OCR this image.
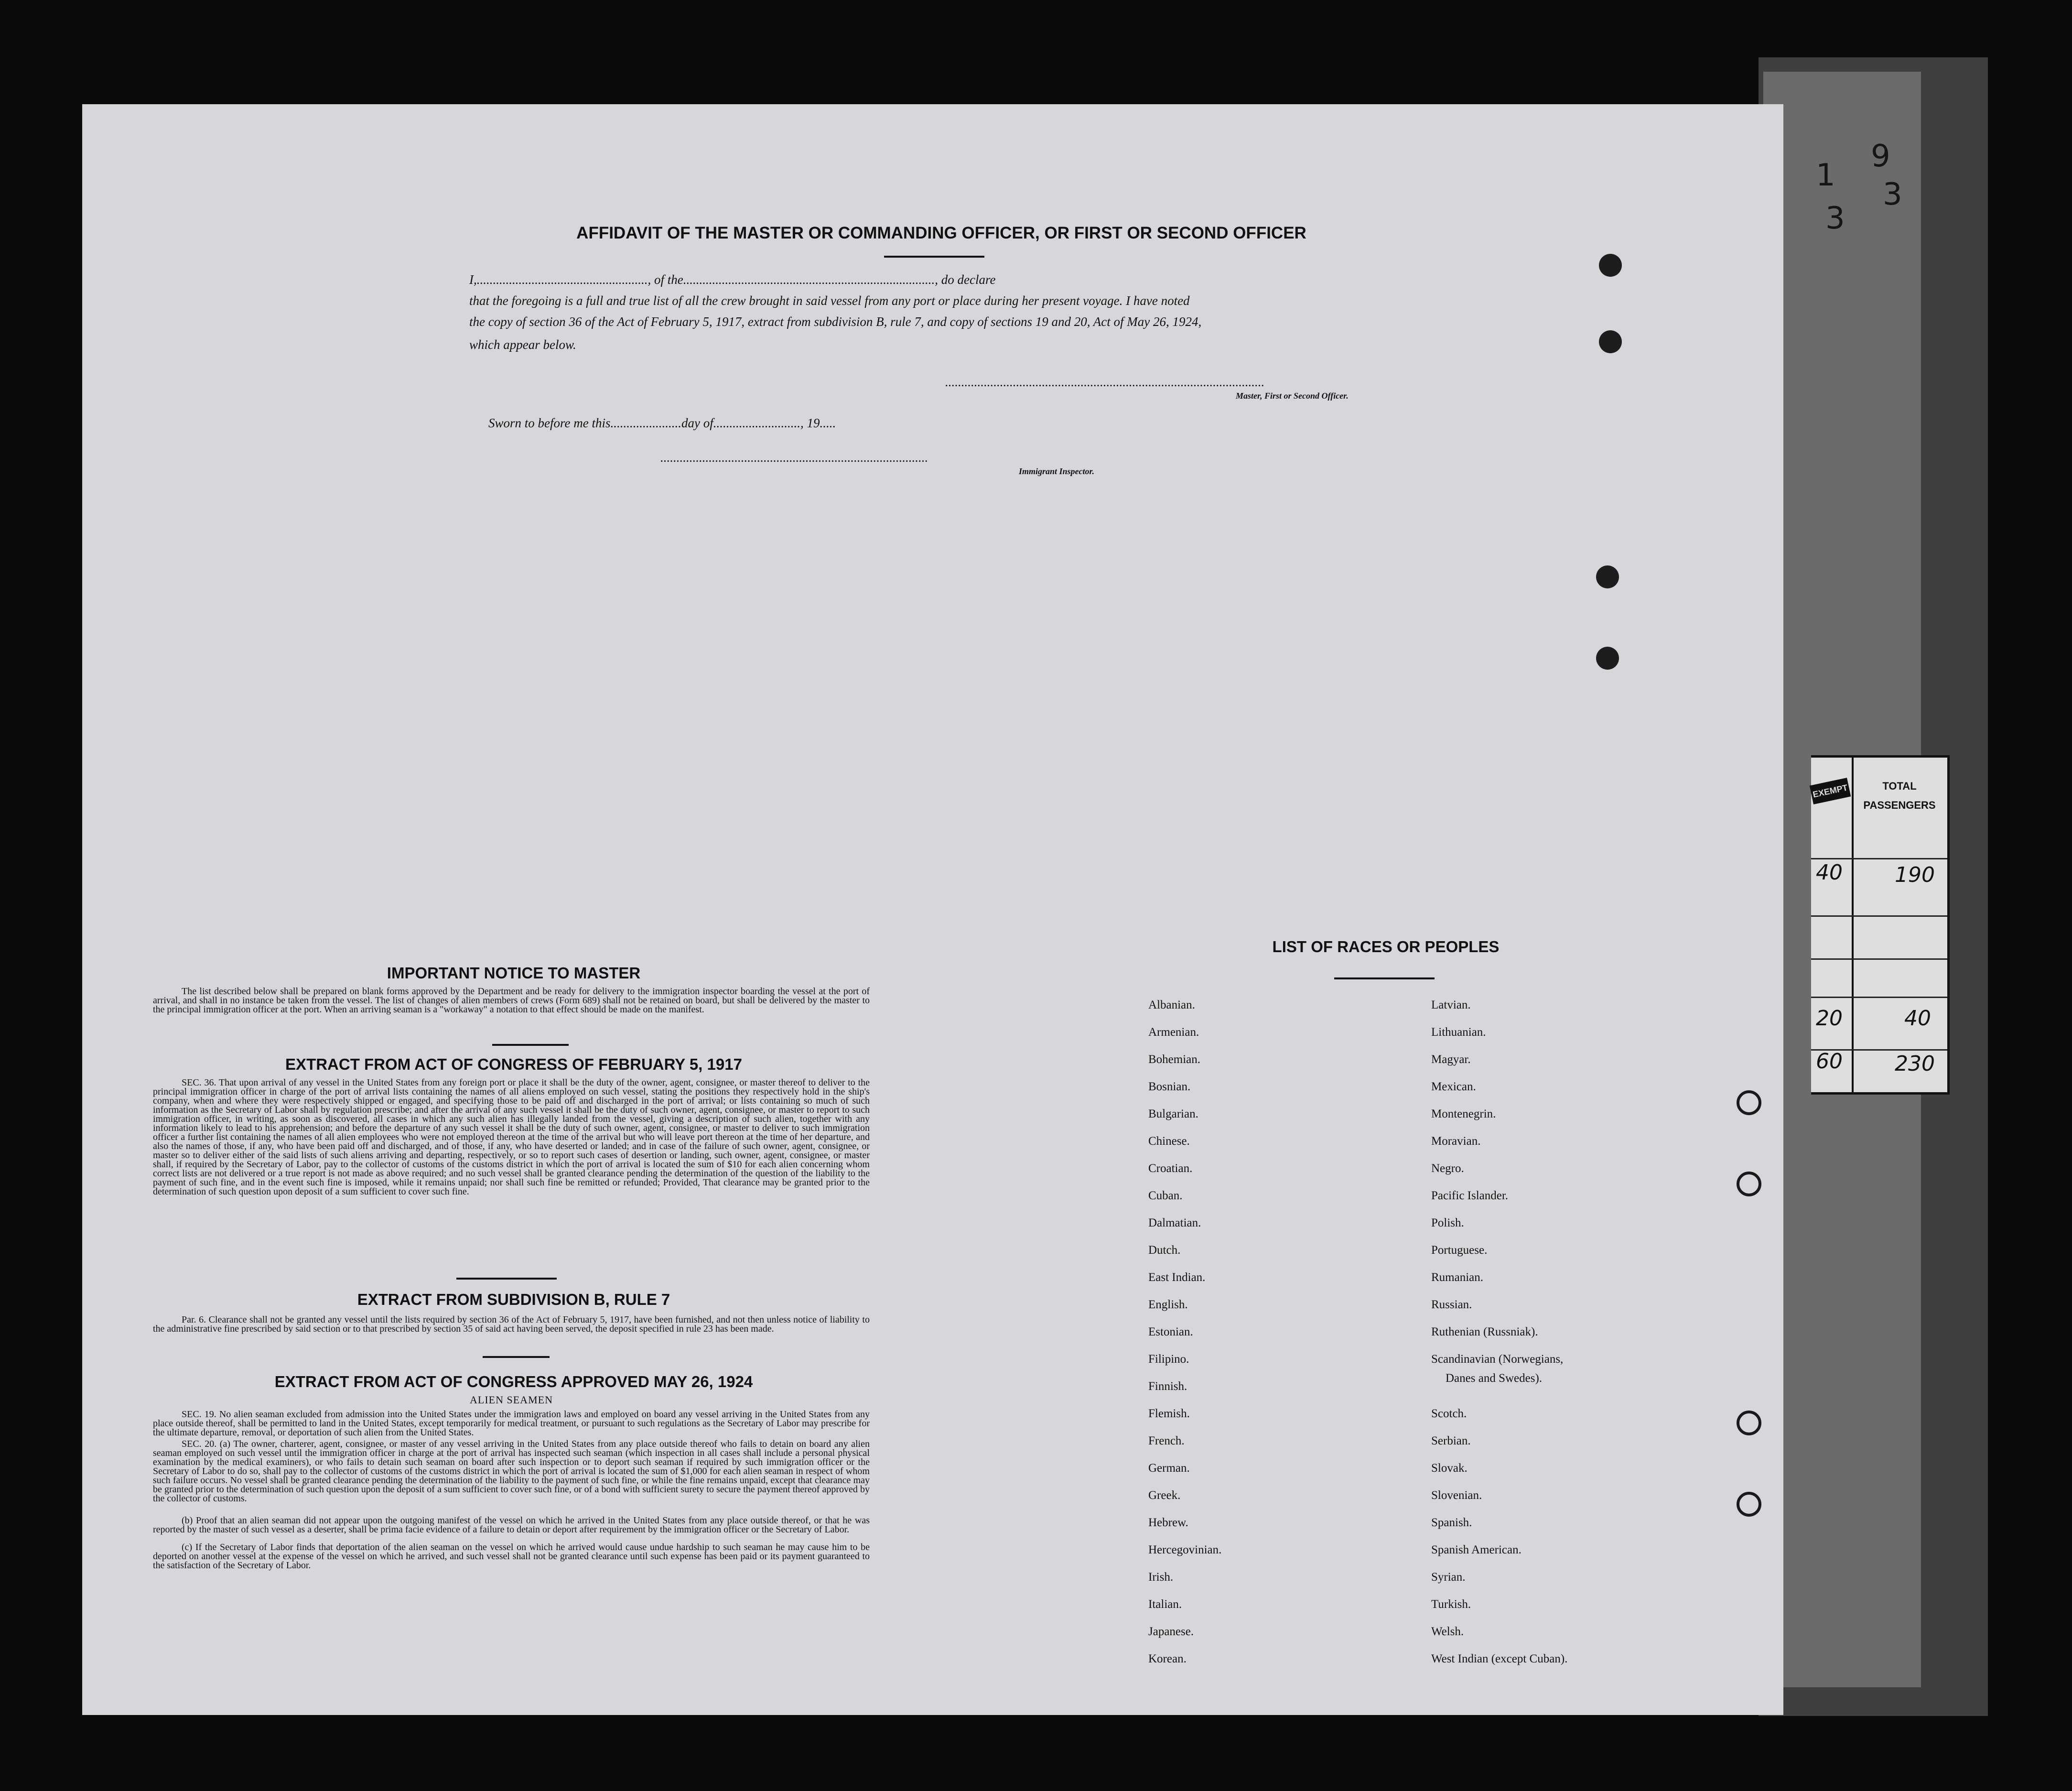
9
1
3
3
EXEMPT	TOTAL PASSENGERS
40 190
20	40
60 230
AFFIDAVIT OF THE MASTER OR COMMANDING OFFICER, OR FIRST OR SECOND OFFICER
I,....................................................., of the.............................................................................., do declare
that the foregoing is a full and true list of all the crew brought in said vessel from any port or place during her present voyage. I have noted
the copy of section 36 of the Act of February 5, 1917, extract from subdivision B, rule 7, and copy of sections 19 and 20, Act of May 26, 1924,
which appear below.
...................................................................................................
Master, First or Second Officer.
Sworn to before me this......................day of..........................., 19.....
...................................................................................
Immigrant Inspector.
IMPORTANT NOTICE TO MASTER
The list described below shall be prepared on blank forms approved by the Department and be ready for delivery to the immigration inspector boarding the vessel at the port of arrival, and shall in no instance be taken from the vessel. The list of changes of alien members of crews (Form 689) shall not be retained on board, but shall be delivered by the master to the principal immigration officer at the port. When an arriving seaman is a "workaway" a notation to that effect should be made on the manifest.
EXTRACT FROM ACT OF CONGRESS OF FEBRUARY 5, 1917
SEC. 36. That upon arrival of any vessel in the United States from any foreign port or place it shall be the duty of the owner, agent, consignee, or master thereof to deliver to the principal immigration officer in charge of the port of arrival lists containing the names of all aliens employed on such vessel, stating the positions they respectively hold in the ship's company, when and where they were respectively shipped or engaged, and specifying those to be paid off and discharged in the port of arrival; or lists containing so much of such information as the Secretary of Labor shall by regulation prescribe; and after the arrival of any such vessel it shall be the duty of such owner, agent, consignee, or master to report to such immigration officer, in writing, as soon as discovered, all cases in which any such alien has illegally landed from the vessel, giving a description of such alien, together with any information likely to lead to his apprehension; and before the departure of any such vessel it shall be the duty of such owner, agent, consignee, or master to deliver to such immigration officer a further list containing the names of all alien employees who were not employed thereon at the time of the arrival but who will leave port thereon at the time of her departure, and also the names of those, if any, who have been paid off and discharged, and of those, if any, who have deserted or landed; and in case of the failure of such owner, agent, consignee, or master so to deliver either of the said lists of such aliens arriving and departing, respectively, or so to report such cases of desertion or landing, such owner, agent, consignee, or master shall, if required by the Secretary of Labor, pay to the collector of customs of the customs district in which the port of arrival is located the sum of $10 for each alien concerning whom correct lists are not delivered or a true report is not made as above required; and no such vessel shall be granted clearance pending the determination of the question of the liability to the payment of such fine, and in the event such fine is imposed, while it remains unpaid; nor shall such fine be remitted or refunded; Provided, That clearance may be granted prior to the determination of such question upon deposit of a sum sufficient to cover such fine.
EXTRACT FROM SUBDIVISION B, RULE 7
Par. 6. Clearance shall not be granted any vessel until the lists required by section 36 of the Act of February 5, 1917, have been furnished, and not then unless notice of liability to the administrative fine prescribed by said section or to that prescribed by section 35 of said act having been served, the deposit specified in rule 23 has been made.
EXTRACT FROM ACT OF CONGRESS APPROVED MAY 26, 1924
ALIEN SEAMEN
SEC. 19. No alien seaman excluded from admission into the United States under the immigration laws and employed on board any vessel arriving in the United States from any place outside thereof, shall be permitted to land in the United States, except temporarily for medical treatment, or pursuant to such regulations as the Secretary of Labor may prescribe for the ultimate departure, removal, or deportation of such alien from the United States.
SEC. 20. (a) The owner, charterer, agent, consignee, or master of any vessel arriving in the United States from any place outside thereof who fails to detain on board any alien seaman employed on such vessel until the immigration officer in charge at the port of arrival has inspected such seaman (which inspection in all cases shall include a personal physical examination by the medical examiners), or who fails to detain such seaman on board after such inspection or to deport such seaman if required by such immigration officer or the Secretary of Labor to do so, shall pay to the collector of customs of the customs district in which the port of arrival is located the sum of $1,000 for each alien seaman in respect of whom such failure occurs. No vessel shall be granted clearance pending the determination of the liability to the payment of such fine, or while the fine remains unpaid, except that clearance may be granted prior to the determination of such question upon the deposit of a sum sufficient to cover such fine, or of a bond with sufficient surety to secure the payment thereof approved by the collector of customs.
(b) Proof that an alien seaman did not appear upon the outgoing manifest of the vessel on which he arrived in the United States from any place outside thereof, or that he was reported by the master of such vessel as a deserter, shall be prima facie evidence of a failure to detain or deport after requirement by the immigration officer or the Secretary of Labor.
(c) If the Secretary of Labor finds that deportation of the alien seaman on the vessel on which he arrived would cause undue hardship to such seaman he may cause him to be deported on another vessel at the expense of the vessel on which he arrived, and such vessel shall not be granted clearance until such expense has been paid or its payment guaranteed to the satisfaction of the Secretary of Labor.
LIST OF RACES OR PEOPLES
Albanian.
Armenian.
Bohemian.
Bosnian.
Bulgarian.
Chinese.
Croatian.
Cuban.
Dalmatian.
Dutch.
East Indian.
English.
Estonian.
Filipino.
Finnish.
Flemish.
French.
German.
Greek.
Hebrew.
Hercegovinian.
Irish.
Italian.
Japanese.
Korean.
Latvian.
Lithuanian.
Magyar.
Mexican.
Montenegrin.
Moravian.
Negro.
Pacific Islander.
Polish.
Portuguese.
Rumanian.
Russian.
Ruthenian (Russniak).
Scandinavian (Norwegians,
Danes and Swedes).
Scotch.
Serbian.
Slovak.
Slovenian.
Spanish.
Spanish American.
Syrian.
Turkish.
Welsh.
West Indian (except Cuban).
